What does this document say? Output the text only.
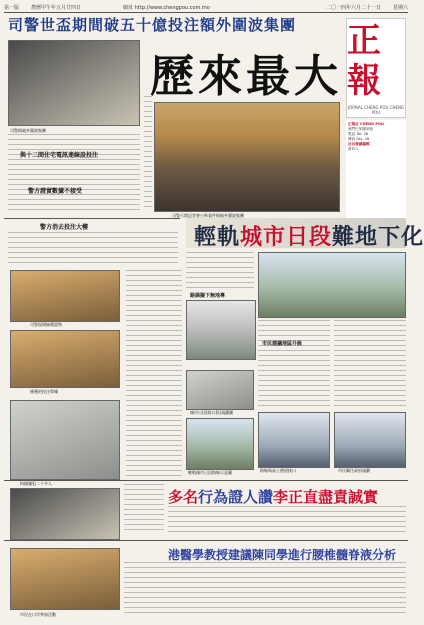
第一版 農曆甲午年五月廿四日	網址 http://www.chengpou.com.mo	二〇一四年六月二十一日 星期六
司警世盃期間破五十億投注額外圍波集團
歷來最大
正報
JORNAL CHENG POU CHENG POU
正報社 CHENG POU
澳門巴掌圍斜巷
電話 Tel: 28
傳真 Fax: 28
社長兼總編輯
督印人
司警搗破外圍波集團
與十二間住宅電訊連線設投注
警方證實數據不接受
司警召開記者會公佈案件搗破外圍波集團
警方消去投注大樓
司警現場檢獲證物
撿獲的投注單據
拘捕嫌犯二十多人
輕軌城市日段難地下化
路線擬下無地專
市民建議地區升級
城市日段(路口段)規劃圖
輕軌城市日段路線示意圖	路線與高士德道接口	市民關注政府規劃
多名行為證人讚李正直盡責誠實
市民在口岸參加活動
港醫學教授建議陳同學進行腰椎髓脊液分析
